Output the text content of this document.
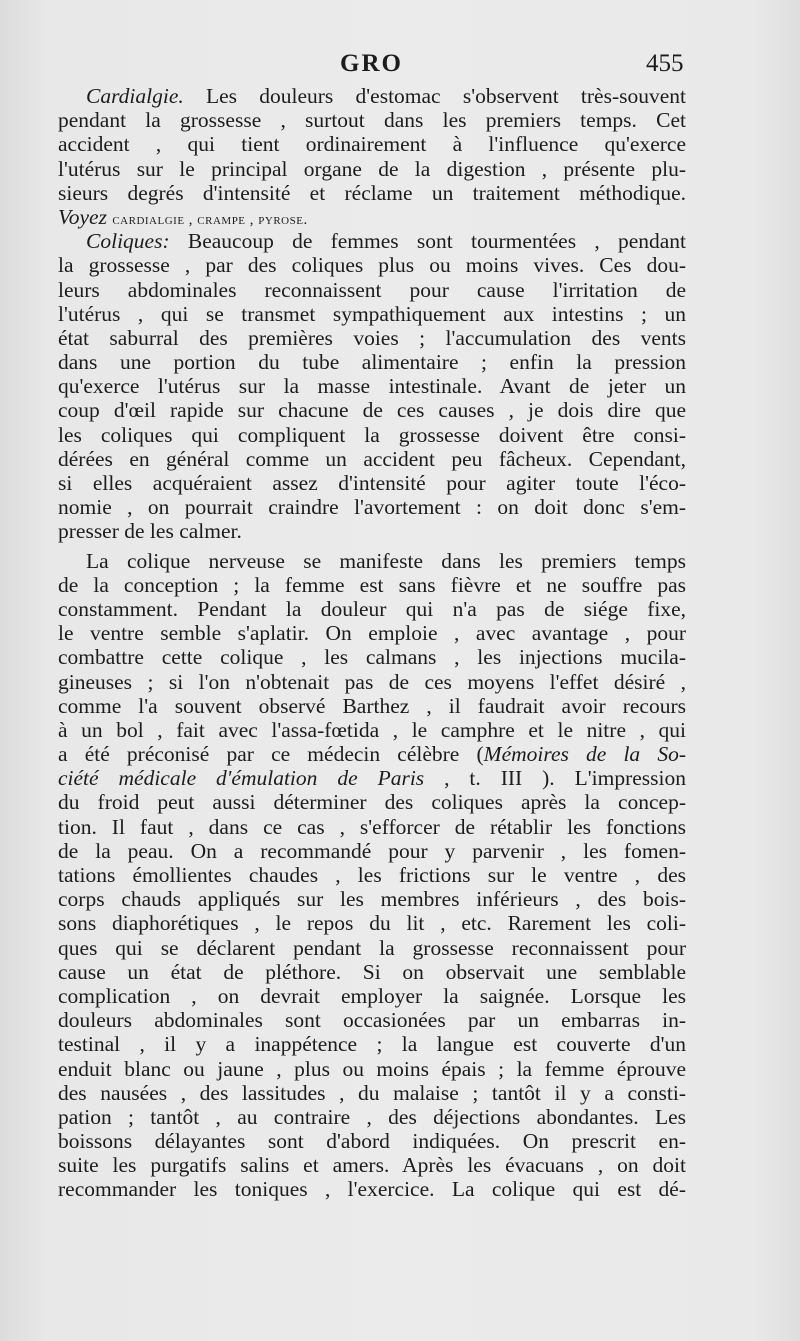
GRO	455
Cardialgie. Les douleurs d'estomac s'observent très-souvent
pendant la grossesse , surtout dans les premiers temps. Cet
accident , qui tient ordinairement à l'influence qu'exerce
l'utérus sur le principal organe de la digestion , présente plu-
sieurs degrés d'intensité et réclame un traitement méthodique.
Voyez cardialgie , crampe , pyrose.
Coliques: Beaucoup de femmes sont tourmentées , pendant
la grossesse , par des coliques plus ou moins vives. Ces dou-
leurs abdominales reconnaissent pour cause l'irritation de
l'utérus , qui se transmet sympathiquement aux intestins ; un
état saburral des premières voies ; l'accumulation des vents
dans une portion du tube alimentaire ; enfin la pression
qu'exerce l'utérus sur la masse intestinale. Avant de jeter un
coup d'œil rapide sur chacune de ces causes , je dois dire que
les coliques qui compliquent la grossesse doivent être consi-
dérées en général comme un accident peu fâcheux. Cependant,
si elles acquéraient assez d'intensité pour agiter toute l'éco-
nomie , on pourrait craindre l'avortement : on doit donc s'em-
presser de les calmer.
La colique nerveuse se manifeste dans les premiers temps
de la conception ; la femme est sans fièvre et ne souffre pas
constamment. Pendant la douleur qui n'a pas de siége fixe,
le ventre semble s'aplatir. On emploie , avec avantage , pour
combattre cette colique , les calmans , les injections mucila-
gineuses ; si l'on n'obtenait pas de ces moyens l'effet désiré ,
comme l'a souvent observé Barthez , il faudrait avoir recours
à un bol , fait avec l'assa-fœtida , le camphre et le nitre , qui
a été préconisé par ce médecin célèbre (Mémoires de la So-
ciété médicale d'émulation de Paris , t. III ). L'impression
du froid peut aussi déterminer des coliques après la concep-
tion. Il faut , dans ce cas , s'efforcer de rétablir les fonctions
de la peau. On a recommandé pour y parvenir , les fomen-
tations émollientes chaudes , les frictions sur le ventre , des
corps chauds appliqués sur les membres inférieurs , des bois-
sons diaphorétiques , le repos du lit , etc. Rarement les coli-
ques qui se déclarent pendant la grossesse reconnaissent pour
cause un état de pléthore. Si on observait une semblable
complication , on devrait employer la saignée. Lorsque les
douleurs abdominales sont occasionées par un embarras in-
testinal , il y a inappétence ; la langue est couverte d'un
enduit blanc ou jaune , plus ou moins épais ; la femme éprouve
des nausées , des lassitudes , du malaise ; tantôt il y a consti-
pation ; tantôt , au contraire , des déjections abondantes. Les
boissons délayantes sont d'abord indiquées. On prescrit en-
suite les purgatifs salins et amers. Après les évacuans , on doit
recommander les toniques , l'exercice. La colique qui est dé-
